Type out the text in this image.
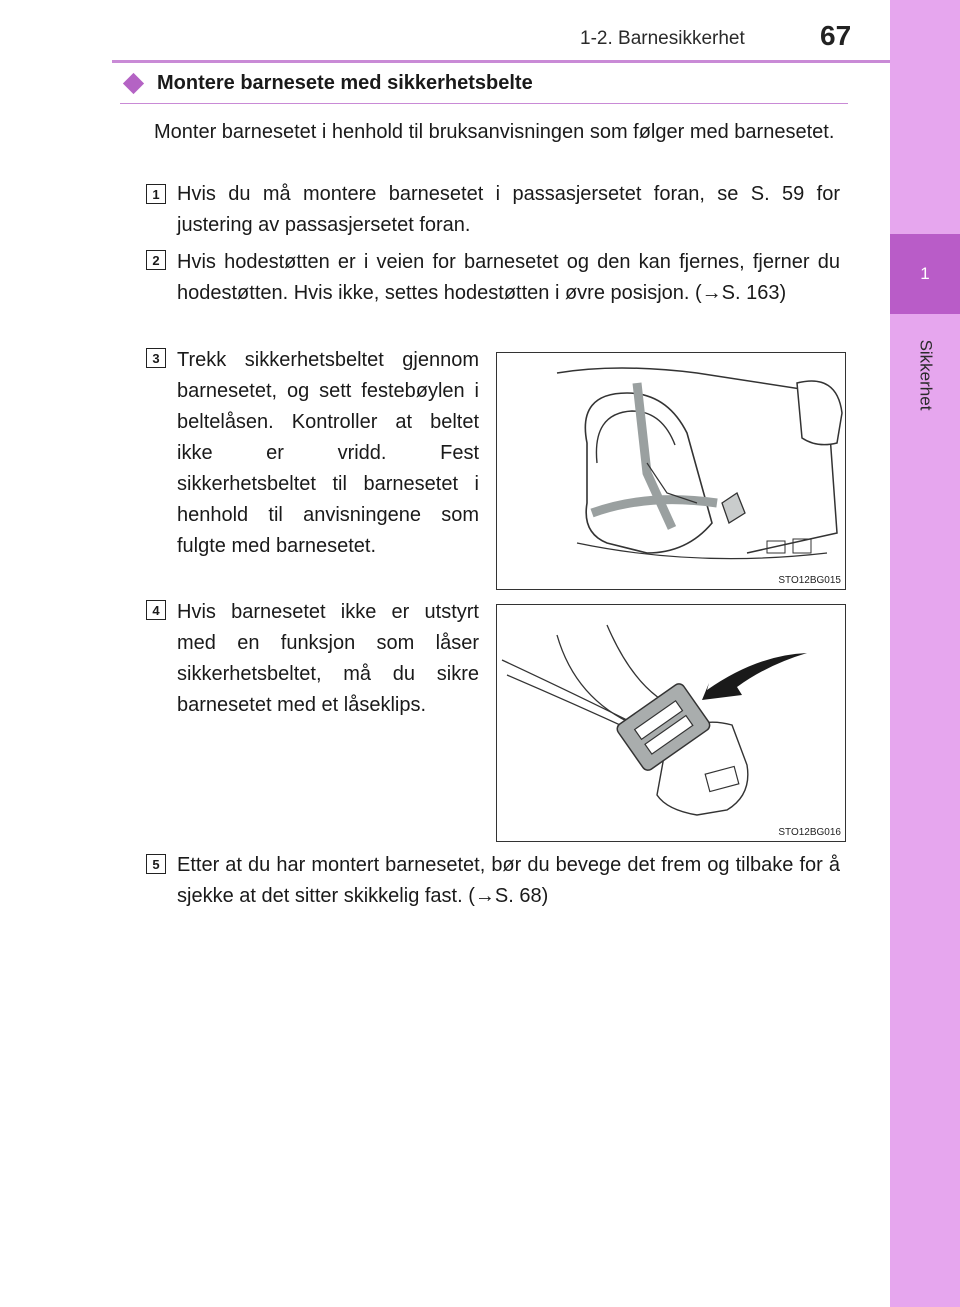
1
Sikkerhet
1-2. Barnesikkerhet	67
Montere barnesete med sikkerhetsbelte
Monter barnesetet i henhold til bruksanvisningen som følger med barnesetet.
1 Hvis du må montere barnesetet i passasjersetet foran, se S. 59 for justering av passasjersetet foran.
2 Hvis hodestøtten er i veien for barnesetet og den kan fjernes, fjerner du hodestøtten. Hvis ikke, settes hodestøtten i øvre posisjon. (→S. 163)
3 Trekk sikkerhetsbeltet gjennom barnesetet, og sett festebøylen i beltelåsen. Kontroller at beltet ikke er vridd. Fest sikkerhetsbeltet til barnesetet i henhold til anvisningene som fulgte med barnesetet.
STO12BG015
4 Hvis barnesetet ikke er utstyrt med en funksjon som låser sikkerhetsbeltet, må du sikre barnesetet med et låseklips.
STO12BG016
5 Etter at du har montert barnesetet, bør du bevege det frem og tilbake for å sjekke at det sitter skikkelig fast. (→S. 68)
